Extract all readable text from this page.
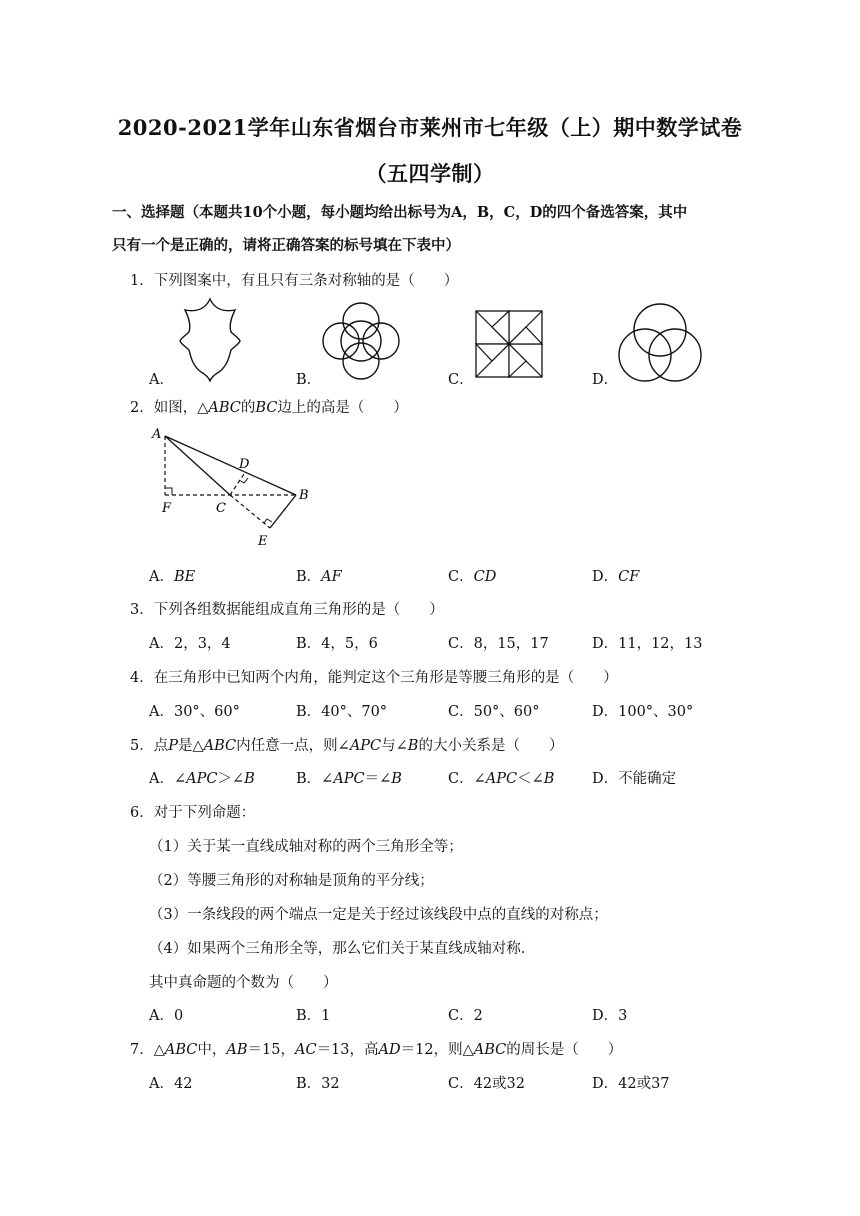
2020-2021学年山东省烟台市莱州市七年级（上）期中数学试卷
（五四学制）
一、选择题（本题共10个小题，每小题均给出标号为A，B，C，D的四个备选答案，其中
只有一个是正确的，请将正确答案的标号填在下表中）
1．下列图案中，有且只有三条对称轴的是（　　）
A．	B．	C．	D．
2．如图，△ABC的BC边上的高是（　　）
A
D
B
F	C
E
A．BE	B．AF	C．CD	D．CF
3．下列各组数据能组成直角三角形的是（　　）
A．2，3，4	B．4，5，6	C．8，15，17	D．11，12，13
4．在三角形中已知两个内角，能判定这个三角形是等腰三角形的是（　　）
A．30°、60°	B．40°、70°	C．50°、60°	D．100°、30°
5．点P是△ABC内任意一点，则∠APC与∠B的大小关系是（　　）
A．∠APC＞∠B	B．∠APC＝∠B	C．∠APC＜∠B	D．不能确定
6．对于下列命题：
（1）关于某一直线成轴对称的两个三角形全等；
（2）等腰三角形的对称轴是顶角的平分线；
（3）一条线段的两个端点一定是关于经过该线段中点的直线的对称点；
（4）如果两个三角形全等，那么它们关于某直线成轴对称．
其中真命题的个数为（　　）
A．0	B．1	C．2	D．3
7．△ABC中，AB＝15，AC＝13，高AD＝12，则△ABC的周长是（　　）
A．42	B．32	C．42或32	D．42或37
